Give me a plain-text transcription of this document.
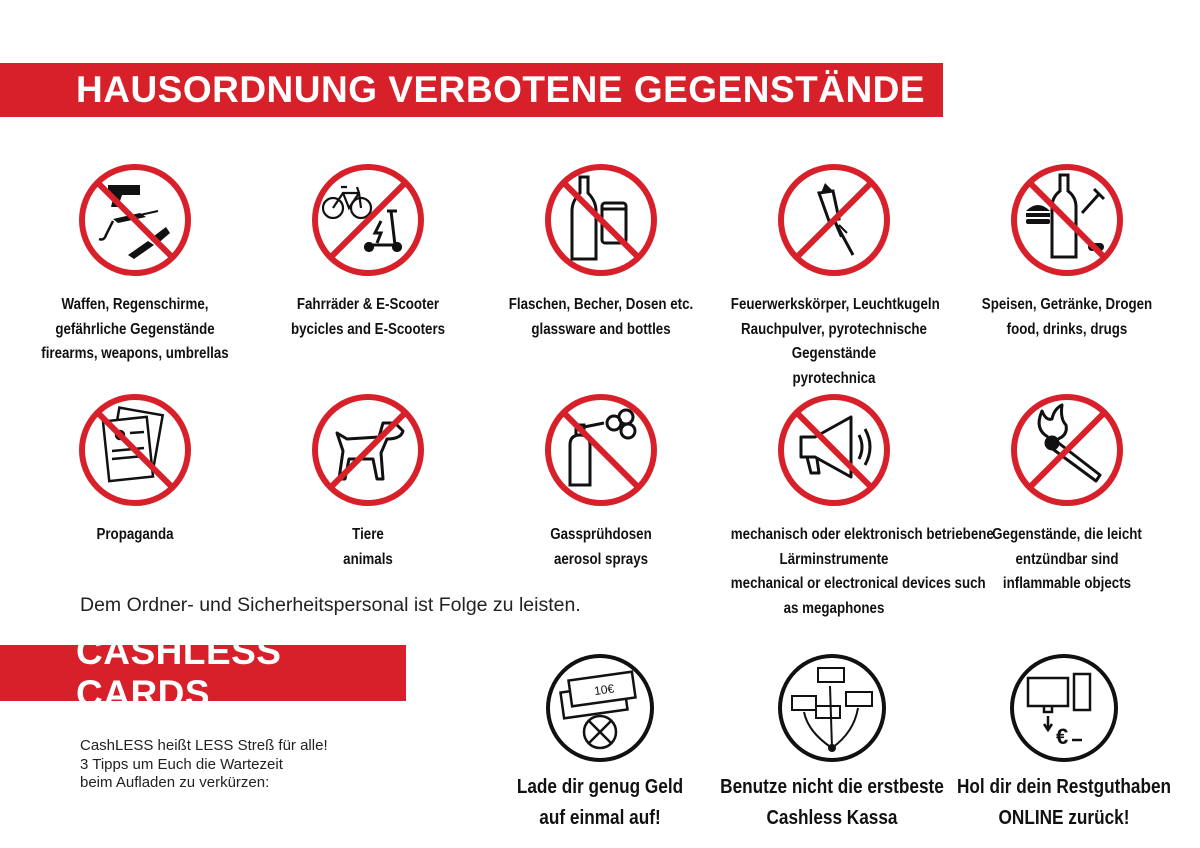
HAUSORDNUNG VERBOTENE GEGENSTÄNDE
Waffen, Regenschirme,
gefährliche Gegenstände
firearms, weapons, umbrellas
Fahrräder & E-Scooter
bycicles and E-Scooters
Flaschen, Becher, Dosen etc.
glassware and bottles
Feuerwerkskörper, Leuchtkugeln
Rauchpulver, pyrotechnische
Gegenstände
pyrotechnica
Speisen, Getränke, Drogen
food, drinks, drugs
Propaganda	Tiere
animals
Gassprühdosen
aerosol sprays
mechanisch oder elektronisch betriebene
Lärminstrumente
mechanical or electronical devices such
as megaphones
Gegenstände, die leicht
entzündbar sind
inflammable objects
Dem Ordner- und Sicherheitspersonal ist Folge zu leisten.
CASHLESS CARDS
CashLESS heißt LESS Streß für alle!
3 Tipps um Euch die Wartezeit
beim Aufladen zu verkürzen:
10€
Lade dir genug Geld
auf einmal auf!
Benutze nicht die erstbeste
Cashless Kassa
€
Hol dir dein Restguthaben
ONLINE zurück!
